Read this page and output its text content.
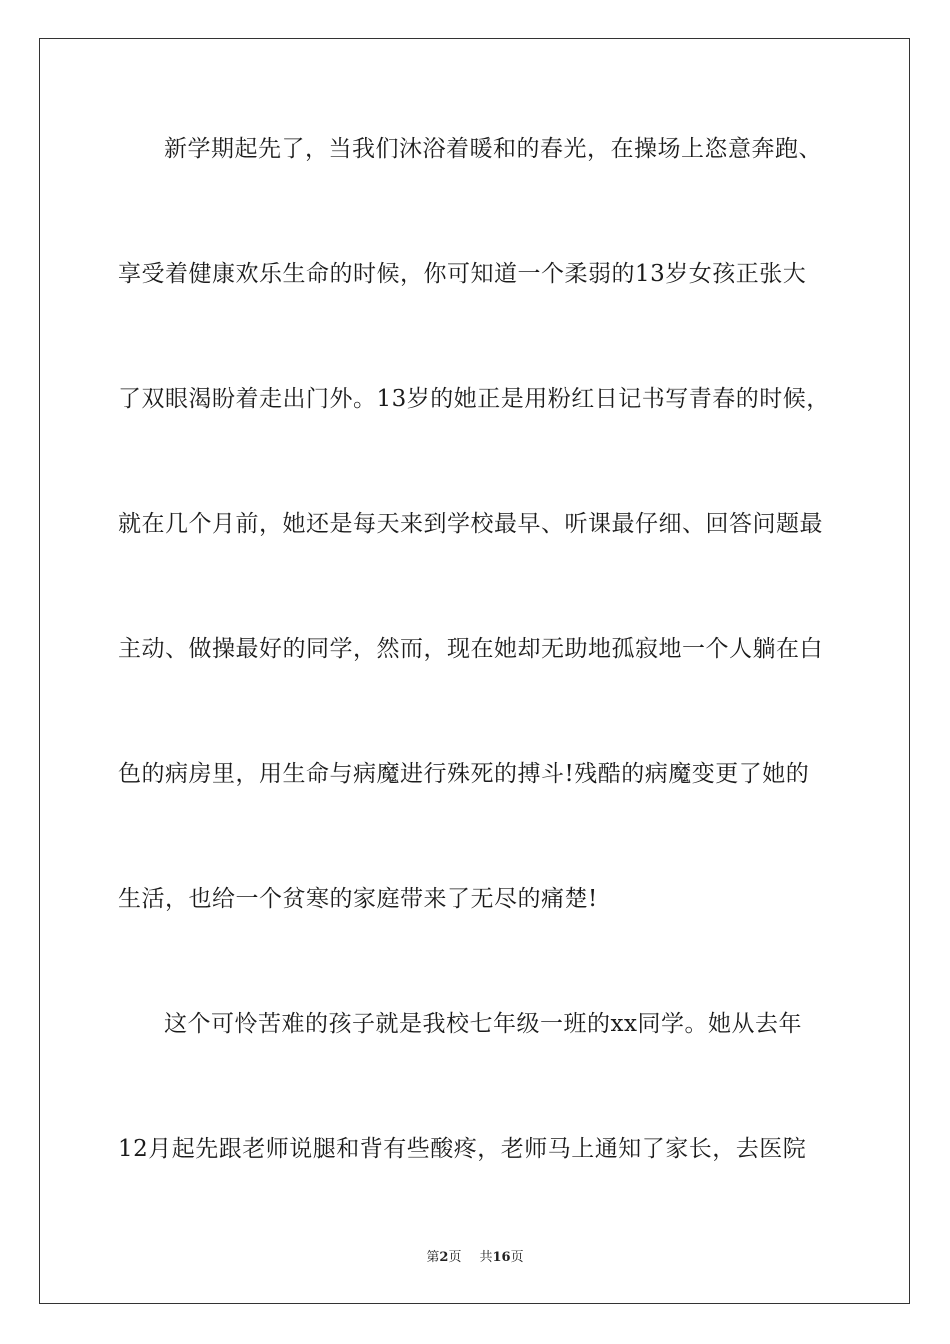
新学期起先了，当我们沐浴着暖和的春光，在操场上恣意奔跑、
享受着健康欢乐生命的时候，你可知道一个柔弱的13岁女孩正张大
了双眼渴盼着走出门外。13岁的她正是用粉红日记书写青春的时候，
就在几个月前，她还是每天来到学校最早、听课最仔细、回答问题最
主动、做操最好的同学，然而，现在她却无助地孤寂地一个人躺在白
色的病房里，用生命与病魔进行殊死的搏斗!残酷的病魔变更了她的
生活，也给一个贫寒的家庭带来了无尽的痛楚!
这个可怜苦难的孩子就是我校七年级一班的xx同学。她从去年
12月起先跟老师说腿和背有些酸疼，老师马上通知了家长，去医院
第2页 共16页
